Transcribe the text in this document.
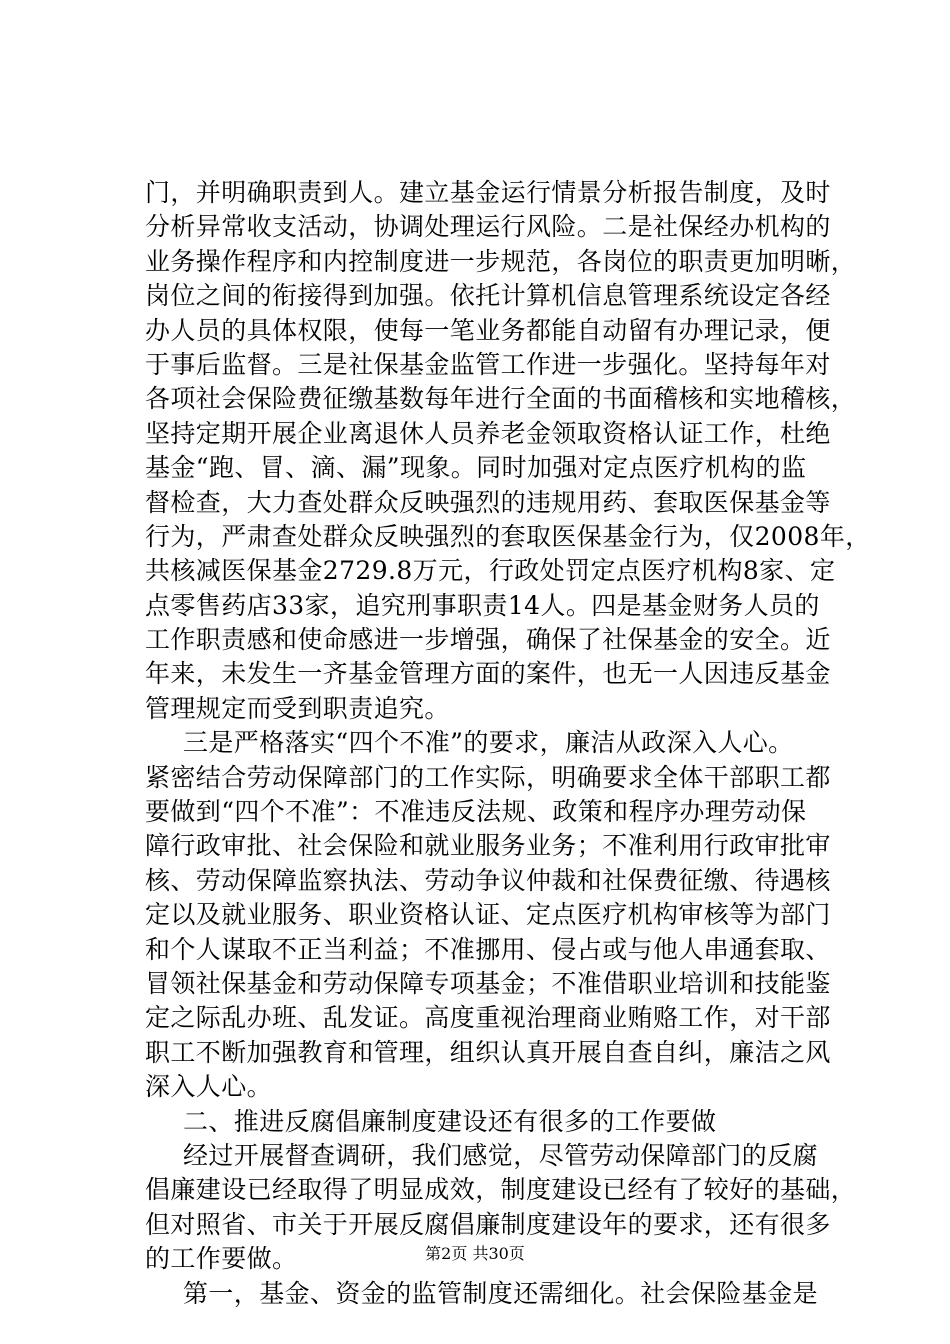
门，并明确职责到人。建立基金运行情景分析报告制度，及时
分析异常收支活动，协调处理运行风险。二是社保经办机构的
业务操作程序和内控制度进一步规范，各岗位的职责更加明晰，
岗位之间的衔接得到加强。依托计算机信息管理系统设定各经
办人员的具体权限，使每一笔业务都能自动留有办理记录，便
于事后监督。三是社保基金监管工作进一步强化。坚持每年对
各项社会保险费征缴基数每年进行全面的书面稽核和实地稽核，
坚持定期开展企业离退休人员养老金领取资格认证工作，杜绝
基金“跑、冒、滴、漏”现象。同时加强对定点医疗机构的监
督检查，大力查处群众反映强烈的违规用药、套取医保基金等
行为，严肃查处群众反映强烈的套取医保基金行为，仅2008年，
共核减医保基金2729.8万元，行政处罚定点医疗机构8家、定
点零售药店33家，追究刑事职责14人。四是基金财务人员的
工作职责感和使命感进一步增强，确保了社保基金的安全。近
年来，未发生一齐基金管理方面的案件，也无一人因违反基金
管理规定而受到职责追究。
三是严格落实“四个不准”的要求，廉洁从政深入人心。
紧密结合劳动保障部门的工作实际，明确要求全体干部职工都
要做到“四个不准”：不准违反法规、政策和程序办理劳动保
障行政审批、社会保险和就业服务业务；不准利用行政审批审
核、劳动保障监察执法、劳动争议仲裁和社保费征缴、待遇核
定以及就业服务、职业资格认证、定点医疗机构审核等为部门
和个人谋取不正当利益；不准挪用、侵占或与他人串通套取、
冒领社保基金和劳动保障专项基金；不准借职业培训和技能鉴
定之际乱办班、乱发证。高度重视治理商业贿赂工作，对干部
职工不断加强教育和管理，组织认真开展自查自纠，廉洁之风
深入人心。
二、推进反腐倡廉制度建设还有很多的工作要做
经过开展督查调研，我们感觉，尽管劳动保障部门的反腐
倡廉建设已经取得了明显成效，制度建设已经有了较好的基础，
但对照省、市关于开展反腐倡廉制度建设年的要求，还有很多
的工作要做。
第一，基金、资金的监管制度还需细化。社会保险基金是
第2页 共30页
